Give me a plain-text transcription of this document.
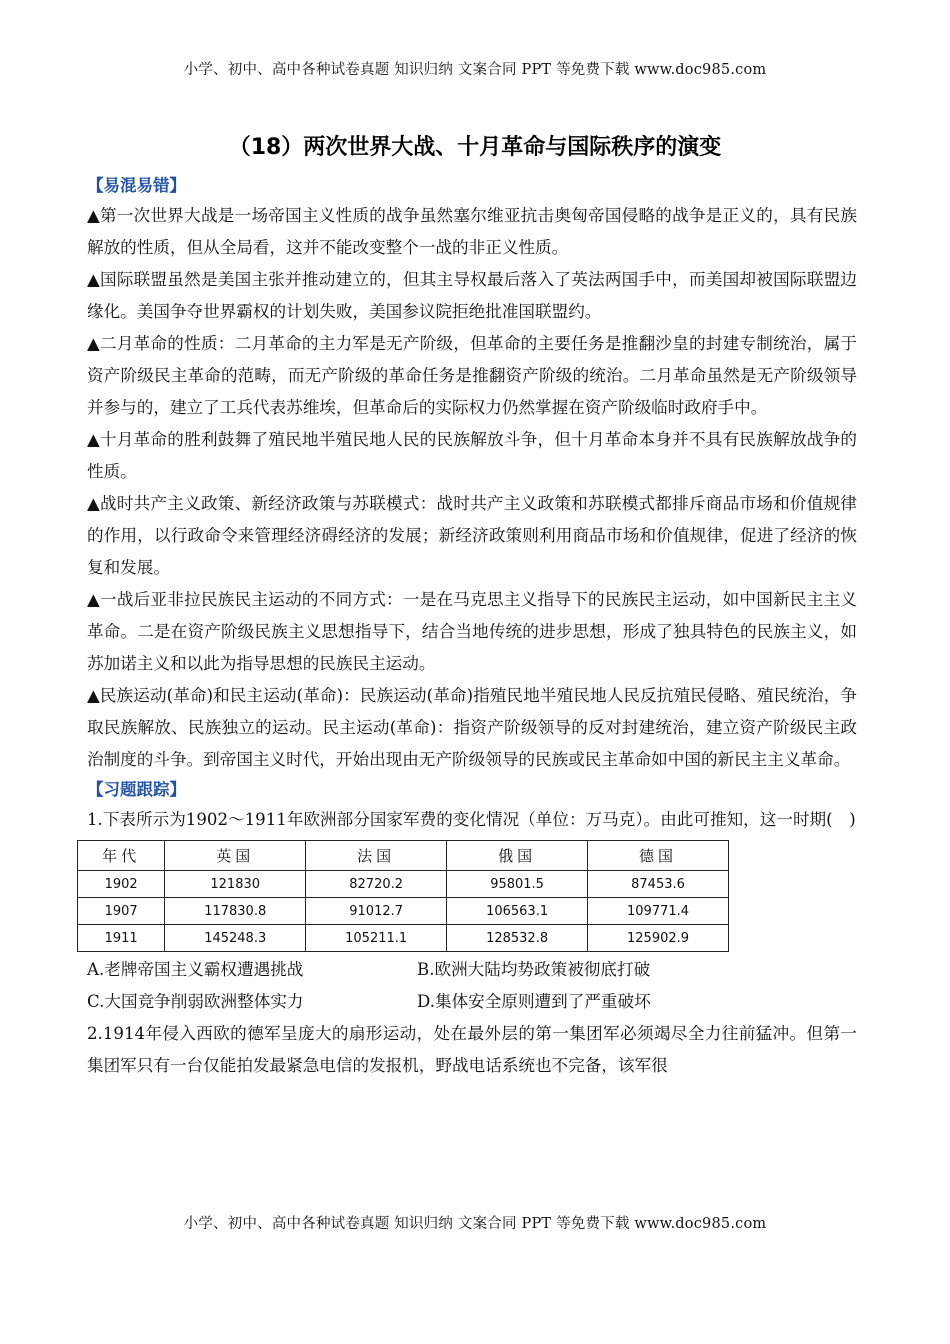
小学、初中、高中各种试卷真题 知识归纳 文案合同 PPT 等免费下载 www.doc985.com
（18）两次世界大战、十月革命与国际秩序的演变
【易混易错】
▲第一次世界大战是一场帝国主义性质的战争虽然塞尔维亚抗击奥匈帝国侵略的战争是正义的，具有民族解放的性质，但从全局看，这并不能改变整个一战的非正义性质。
▲国际联盟虽然是美国主张并推动建立的，但其主导权最后落入了英法两国手中，而美国却被国际联盟边缘化。美国争夺世界霸权的计划失败，美国参议院拒绝批准国联盟约。
▲二月革命的性质：二月革命的主力军是无产阶级，但革命的主要任务是推翻沙皇的封建专制统治，属于资产阶级民主革命的范畴，而无产阶级的革命任务是推翻资产阶级的统治。二月革命虽然是无产阶级领导并参与的，建立了工兵代表苏维埃，但革命后的实际权力仍然掌握在资产阶级临时政府手中。
▲十月革命的胜利鼓舞了殖民地半殖民地人民的民族解放斗争，但十月革命本身并不具有民族解放战争的性质。
▲战时共产主义政策、新经济政策与苏联模式：战时共产主义政策和苏联模式都排斥商品市场和价值规律的作用，以行政命令来管理经济碍经济的发展；新经济政策则利用商品市场和价值规律，促进了经济的恢复和发展。
▲一战后亚非拉民族民主运动的不同方式：一是在马克思主义指导下的民族民主运动，如中国新民主主义革命。二是在资产阶级民族主义思想指导下，结合当地传统的进步思想，形成了独具特色的民族主义，如苏加诺主义和以此为指导思想的民族民主运动。
▲民族运动(革命)和民主运动(革命)：民族运动(革命)指殖民地半殖民地人民反抗殖民侵略、殖民统治，争取民族解放、民族独立的运动。民主运动(革命)：指资产阶级领导的反对封建统治，建立资产阶级民主政治制度的斗争。到帝国主义时代，开始出现由无产阶级领导的民族或民主革命如中国的新民主主义革命。
【习题跟踪】
1.下表所示为1902～1911年欧洲部分国家军费的变化情况（单位：万马克）。由此可推知，这一时期(　)
年代	英国	法国	俄国	德国
1902	121830	82720.2	95801.5	87453.6
1907	117830.8	91012.7	106563.1	109771.4
1911	145248.3	105211.1	128532.8	125902.9
A.老牌帝国主义霸权遭遇挑战	B.欧洲大陆均势政策被彻底打破
C.大国竞争削弱欧洲整体实力	D.集体安全原则遭到了严重破坏
2.1914年侵入西欧的德军呈庞大的扇形运动，处在最外层的第一集团军必须竭尽全力往前猛冲。但第一集团军只有一台仅能拍发最紧急电信的发报机，野战电话系统也不完备，该军很
小学、初中、高中各种试卷真题 知识归纳 文案合同 PPT 等免费下载 www.doc985.com
